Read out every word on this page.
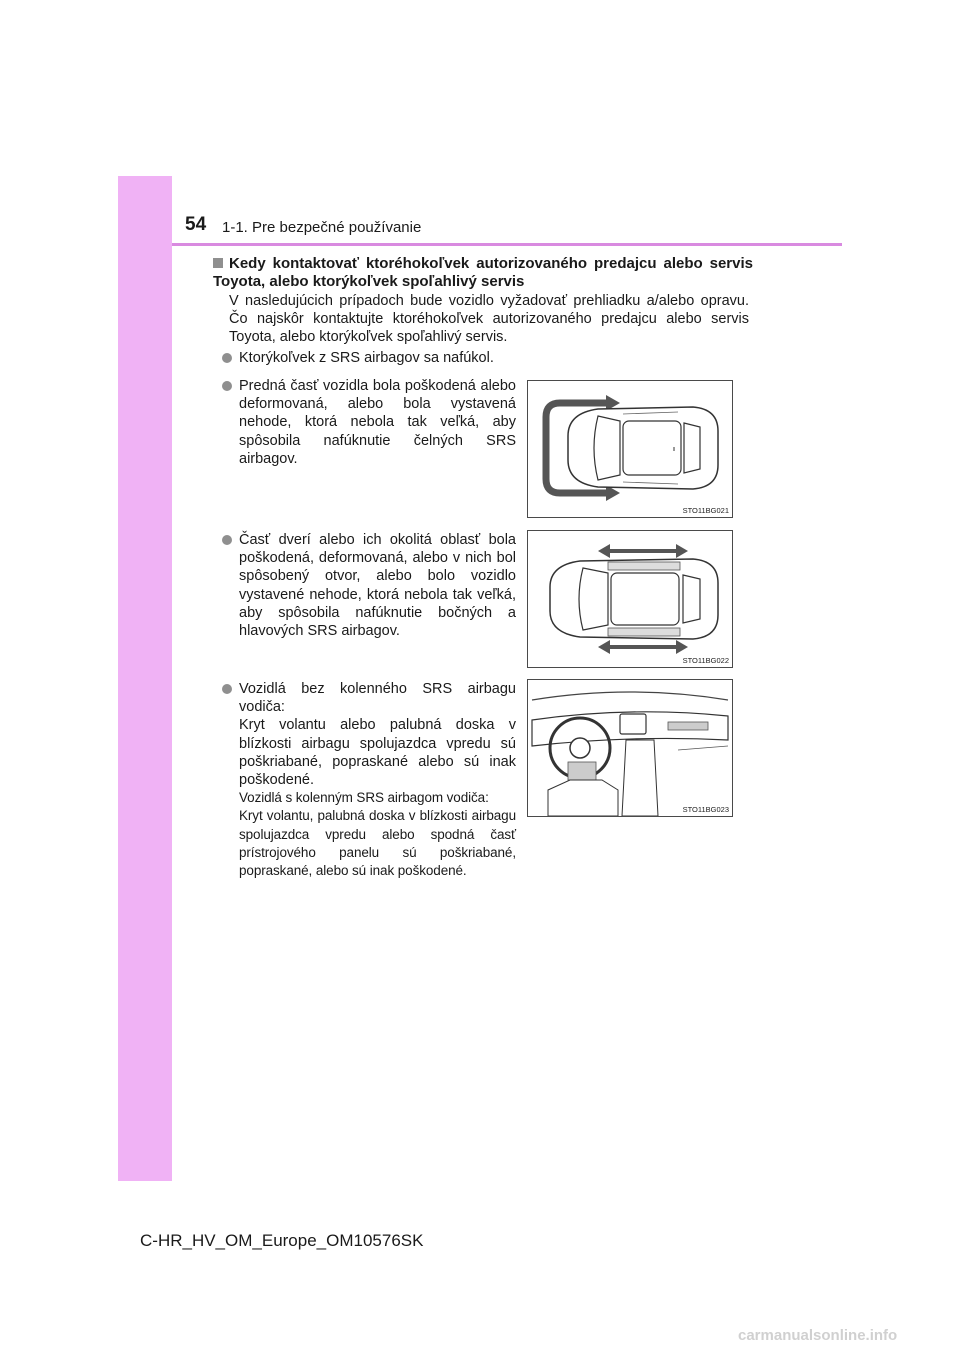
54 1-1. Pre bezpečné používanie
Kedy kontaktovať ktoréhokoľvek autorizovaného predajcu alebo servis Toyota, alebo ktorýkoľvek spoľahlivý servis
V nasledujúcich prípadoch bude vozidlo vyžadovať prehliadku a/alebo opravu. Čo najskôr kontaktujte ktoréhokoľvek autorizovaného predajcu alebo servis Toyota, alebo ktorýkoľvek spoľahlivý servis.
Ktorýkoľvek z SRS airbagov sa nafúkol.
Predná časť vozidla bola poškodená alebo deformovaná, alebo bola vystavená nehode, ktorá nebola tak veľká, aby spôsobila nafúknutie čelných SRS airbagov.
Časť dverí alebo ich okolitá oblasť bola poškodená, deformovaná, alebo v nich bol spôsobený otvor, alebo bolo vozidlo vystavené nehode, ktorá nebola tak veľká, aby spôsobila nafúknutie bočných a hlavových SRS airbagov.
Vozidlá bez kolenného SRS airbagu vodiča:
Kryt volantu alebo palubná doska v blízkosti airbagu spolujazdca vpredu sú poškriabané, popraskané alebo sú inak poškodené.
Vozidlá s kolenným SRS airbagom vodiča:
Kryt volantu, palubná doska v blízkosti airbagu spolujazdca vpredu alebo spodná časť prístrojového panelu sú poškriabané, popraskané, alebo sú inak poškodené.
STO11BG021
STO11BG022
STO11BG023
C-HR_HV_OM_Europe_OM10576SK
carmanualsonline.info
